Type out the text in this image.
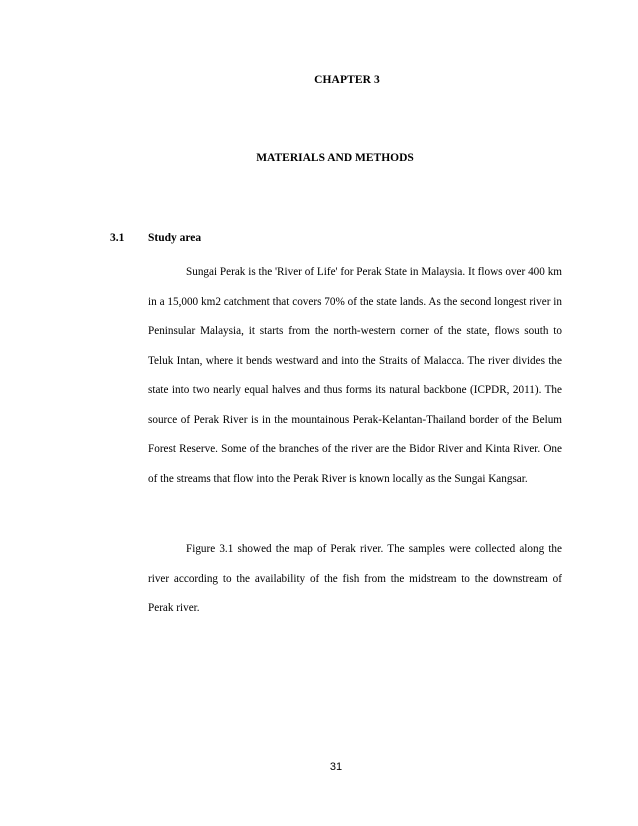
CHAPTER 3
MATERIALS AND METHODS
3.1 Study area

Sungai Perak is the 'River of Life' for Perak State in Malaysia. It flows over 400 km in a 15,000 km2 catchment that covers 70% of the state lands. As the second longest river in Peninsular Malaysia, it starts from the north-western corner of the state, flows south to Teluk Intan, where it bends westward and into the Straits of Malacca. The river divides the state into two nearly equal halves and thus forms its natural backbone (ICPDR, 2011). The source of Perak River is in the mountainous Perak-Kelantan-Thailand border of the Belum Forest Reserve. Some of the branches of the river are the Bidor River and Kinta River. One of the streams that flow into the Perak River is known locally as the Sungai Kangsar.

Figure 3.1 showed the map of Perak river. The samples were collected along the river according to the availability of the fish from the midstream to the downstream of Perak river.

31
